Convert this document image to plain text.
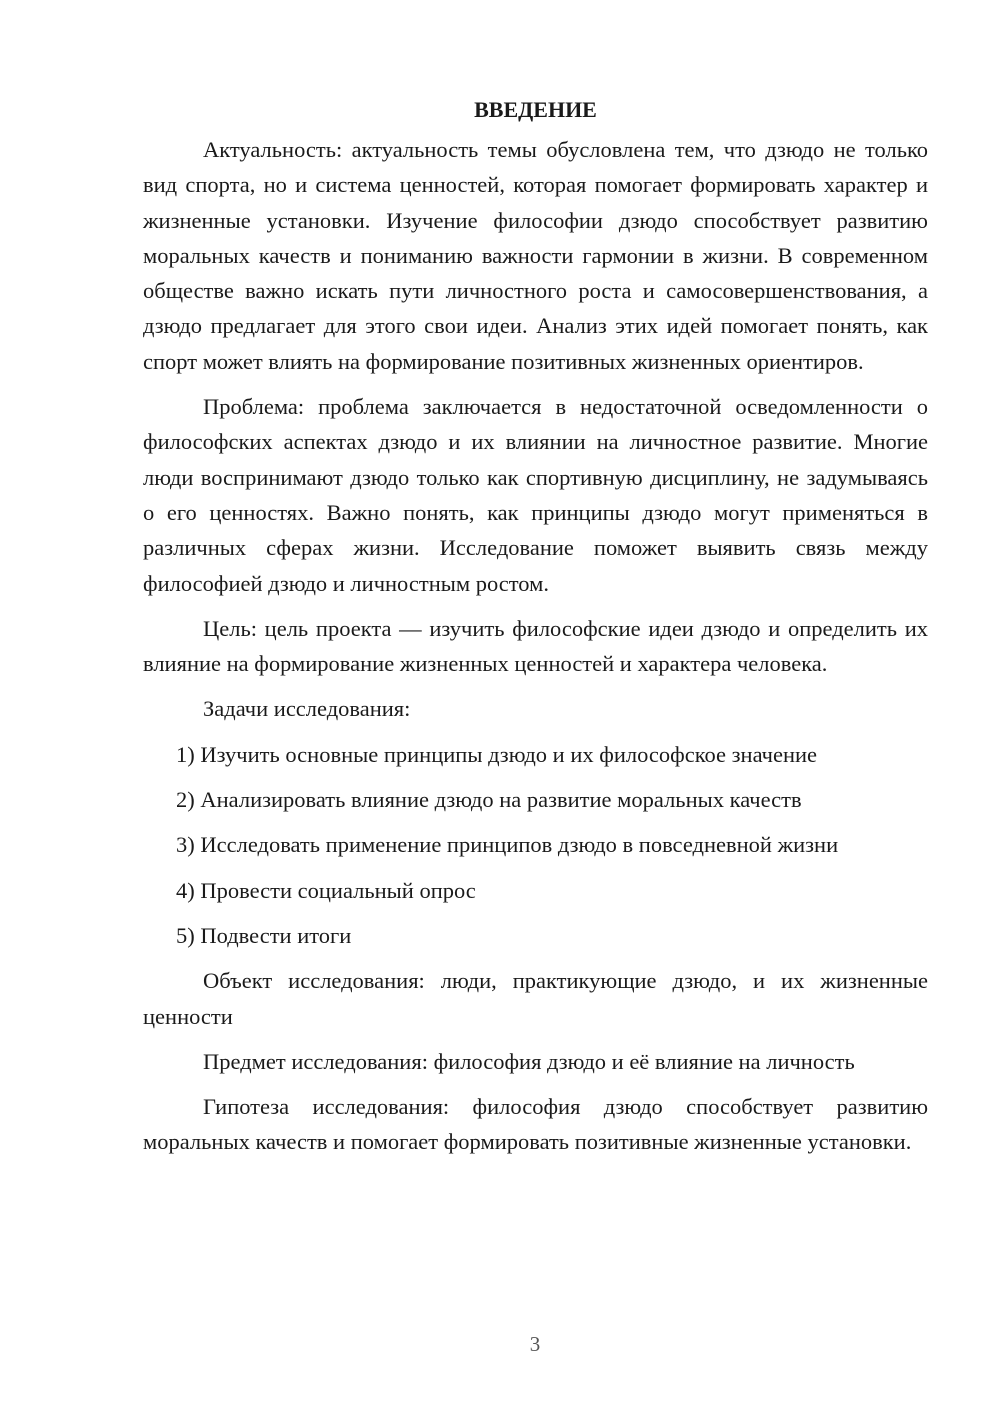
ВВЕДЕНИЕ

Актуальность: актуальность темы обусловлена тем, что дзюдо не только вид спорта, но и система ценностей, которая помогает формировать характер и жизненные установки. Изучение философии дзюдо способствует развитию моральных качеств и пониманию важности гармонии в жизни. В современном обществе важно искать пути личностного роста и самосовершенствования, а дзюдо предлагает для этого свои идеи. Анализ этих идей помогает понять, как спорт может влиять на формирование позитивных жизненных ориентиров.

Проблема: проблема заключается в недостаточной осведомленности о философских аспектах дзюдо и их влиянии на личностное развитие. Многие люди воспринимают дзюдо только как спортивную дисциплину, не задумываясь о его ценностях. Важно понять, как принципы дзюдо могут применяться в различных сферах жизни. Исследование поможет выявить связь между философией дзюдо и личностным ростом.

Цель: цель проекта — изучить философские идеи дзюдо и определить их влияние на формирование жизненных ценностей и характера человека.

Задачи исследования:

1) Изучить основные принципы дзюдо и их философское значение
2) Анализировать влияние дзюдо на развитие моральных качеств
3) Исследовать применение принципов дзюдо в повседневной жизни
4) Провести социальный опрос
5) Подвести итоги

Объект исследования: люди, практикующие дзюдо, и их жизненные ценности

Предмет исследования: философия дзюдо и её влияние на личность

Гипотеза исследования: философия дзюдо способствует развитию моральных качеств и помогает формировать позитивные жизненные установки.

3
